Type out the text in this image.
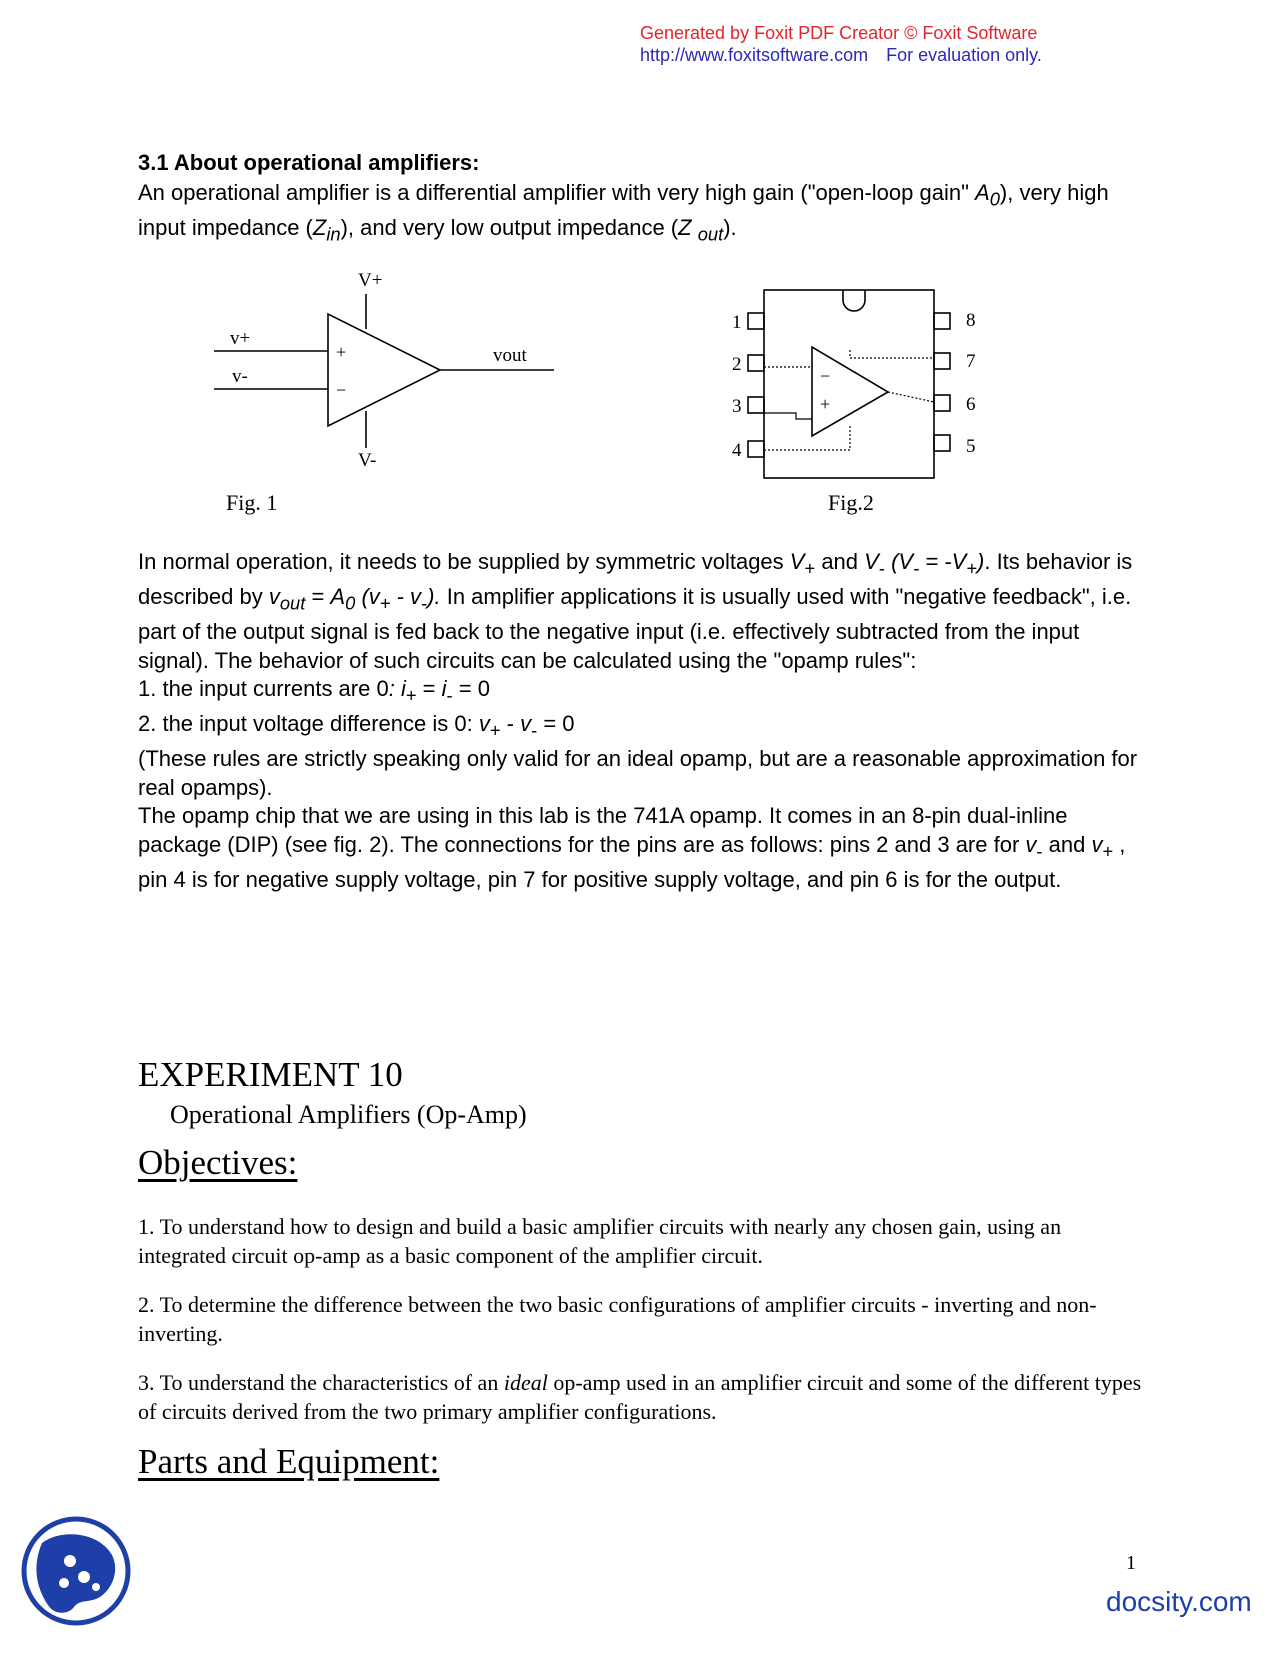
Generated by Foxit PDF Creator © Foxit Software
http://www.foxitsoftware.com For evaluation only.
3.1 About operational amplifiers:
An operational amplifier is a differential amplifier with very high gain ("open-loop gain" $A_0$), very high input impedance $(Z_{in})$, and very low output impedance (Z $_{out}$).
V+
V-
v+
v-
vout
+
−
1
2
3
4
8
7
6
5
−
+
Fig. 1	Fig.2

In normal operation, it needs to be supplied by symmetric voltages $V_+$ and $V_-$ $(V_- = -V_+)$. Its behavior is described by $v_{out} = A_0$ $(v_+ - v_-)$. In amplifier applications it is usually used with "negative feedback", i.e. part of the output signal is fed back to the negative input (i.e. effectively subtracted from the input signal). The behavior of such circuits can be calculated using the "opamp rules":

1. the input currents are 0: $i_+ = i_- = 0$

2. the input voltage difference is 0: $v_+ - v_- = 0$

(These rules are strictly speaking only valid for an ideal opamp, but are a reasonable approximation for real opamps).

The opamp chip that we are using in this lab is the 741A opamp. It comes in an 8-pin dual-inline package (DIP) (see fig. 2). The connections for the pins are as follows: pins 2 and 3 are for $v_-$ and $v_+$ , pin 4 is for negative supply voltage, pin 7 for positive supply voltage, and pin 6 is for the output.

EXPERIMENT 10
Operational Amplifiers (Op-Amp)
Objectives:
1. To understand how to design and build a basic amplifier circuits with nearly any chosen gain, using an integrated circuit op-amp as a basic component of the amplifier circuit.
2. To determine the difference between the two basic configurations of amplifier circuits - inverting and non-inverting.
3. To understand the characteristics of an ideal op-amp used in an amplifier circuit and some of the different types of circuits derived from the two primary amplifier configurations.
Parts and Equipment:
1
docsity.com
